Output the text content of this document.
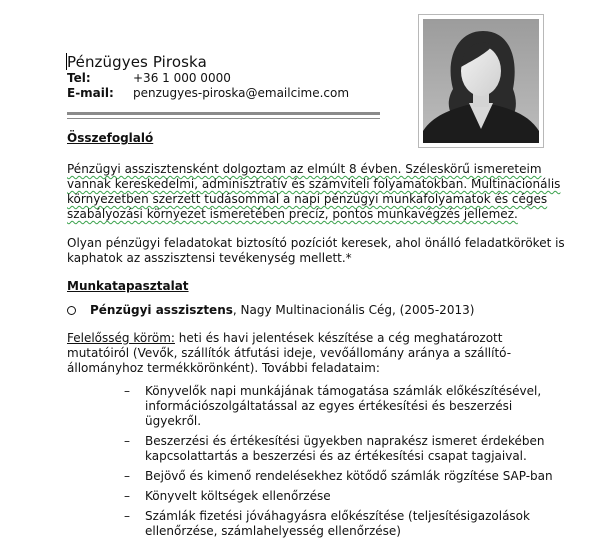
Pénzügyes Piroska
Tel:	+36 1 000 0000
E-mail:	penzugyes-piroska@emailcime.com
Összefoglaló
Pénzügyi asszisztensként dolgoztam az elmúlt 8 évben. Széleskörű ismereteim vannak kereskedelmi, adminisztratív és számviteli folyamatokban. Multinacionális környezetben szerzett tudásommal a napi pénzügyi munkafolyamatok és céges szabályozási környezet ismeretében precíz, pontos munkavégzés jellemez.
Olyan pénzügyi feladatokat biztosító pozíciót keresek, ahol önálló feladatköröket is kaphatok az asszisztensi tevékenység mellett.*
Munkatapasztalat
Pénzügyi asszisztens , Nagy Multinacionális Cég, (2005-2013)
Felelősség köröm: heti és havi jelentések készítése a cég meghatározott mutatóiról (Vevők, szállítók átfutási ideje, vevőállomány aránya a szállító-állományhoz termékkörönként). További feladataim:
–	Könyvelők napi munkájának támogatása számlák előkészítésével, információszolgáltatással az egyes értékesítési és beszerzési ügyekről.
–	Beszerzési és értékesítési ügyekben naprakész ismeret érdekében kapcsolattartás a beszerzési és az értékesítési csapat tagjaival.
–	Bejövő és kimenő rendelésekhez kötődő számlák rögzítése SAP-ban
–	Könyvelt költségek ellenőrzése
–	Számlák fizetési jóváhagyásra előkészítése (teljesítésigazolások ellenőrzése, számlahelyesség ellenőrzése)
